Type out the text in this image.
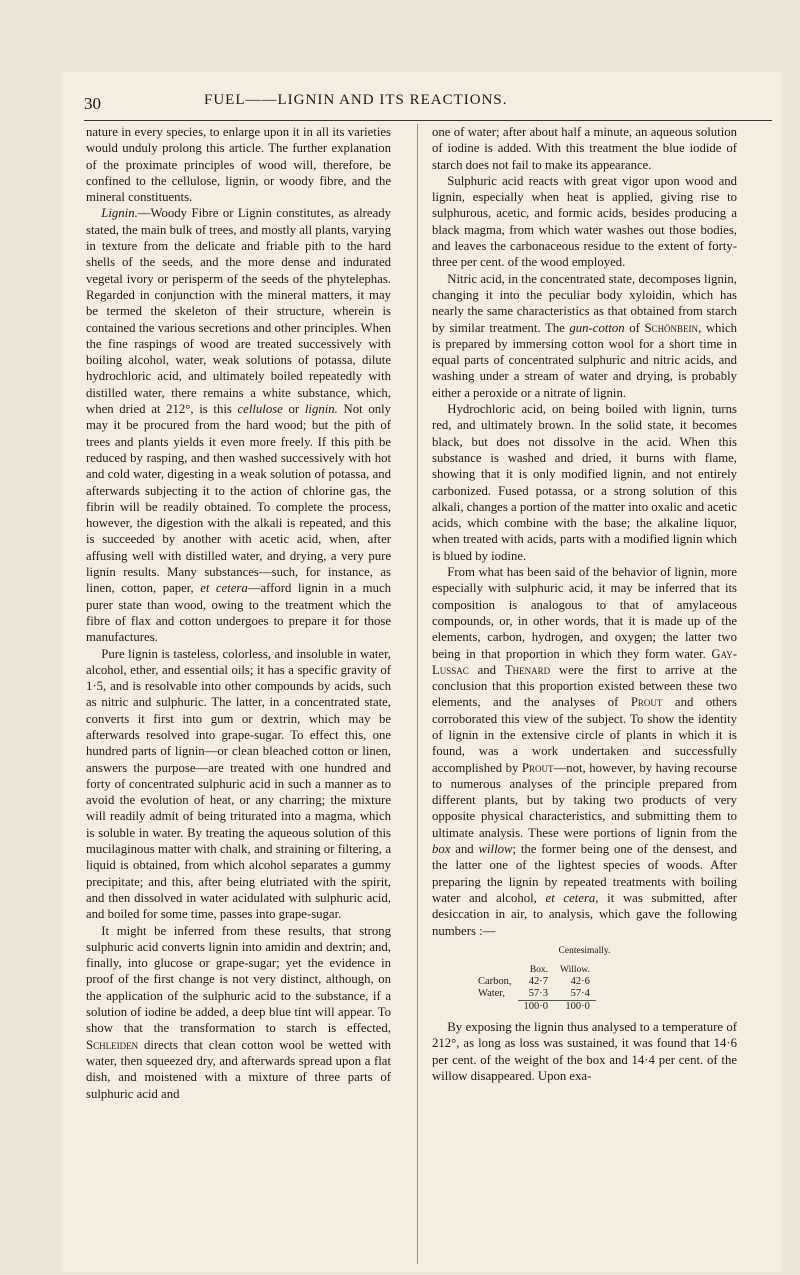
30	FUEL——LIGNIN AND ITS REACTIONS.

nature in every species, to enlarge upon it in all its varieties would unduly prolong this article. The further explanation of the proximate principles of wood will, therefore, be confined to the cellulose, lignin, or woody fibre, and the mineral constituents.

Lignin.—Woody Fibre or Lignin constitutes, as already stated, the main bulk of trees, and mostly all plants, varying in texture from the delicate and friable pith to the hard shells of the seeds, and the more dense and indurated vegetal ivory or perisperm of the seeds of the phytelephas. Regarded in conjunction with the mineral matters, it may be termed the skeleton of their structure, wherein is contained the various secretions and other principles. When the fine raspings of wood are treated successively with boiling alcohol, water, weak solutions of potassa, dilute hydrochloric acid, and ultimately boiled repeatedly with distilled water, there remains a white substance, which, when dried at 212°, is this cellulose or lignin. Not only may it be procured from the hard wood; but the pith of trees and plants yields it even more freely. If this pith be reduced by rasping, and then washed successively with hot and cold water, digesting in a weak solution of potassa, and afterwards subjecting it to the action of chlorine gas, the fibrin will be readily obtained. To complete the process, however, the digestion with the alkali is repeated, and this is succeeded by another with acetic acid, when, after affusing well with distilled water, and drying, a very pure lignin results. Many substances—such, for instance, as linen, cotton, paper, et cetera—afford lignin in a much purer state than wood, owing to the treatment which the fibre of flax and cotton undergoes to prepare it for those manufactures.

Pure lignin is tasteless, colorless, and insoluble in water, alcohol, ether, and essential oils; it has a specific gravity of 1·5, and is resolvable into other compounds by acids, such as nitric and sulphuric. The latter, in a concentrated state, converts it first into gum or dextrin, which may be afterwards resolved into grape-sugar. To effect this, one hundred parts of lignin—or clean bleached cotton or linen, answers the purpose—are treated with one hundred and forty of concentrated sulphuric acid in such a manner as to avoid the evolution of heat, or any charring; the mixture will readily admit of being triturated into a magma, which is soluble in water. By treating the aqueous solution of this mucilaginous matter with chalk, and straining or filtering, a liquid is obtained, from which alcohol separates a gummy precipitate; and this, after being elutriated with the spirit, and then dissolved in water acidulated with sulphuric acid, and boiled for some time, passes into grape-sugar.

It might be inferred from these results, that strong sulphuric acid converts lignin into amidin and dextrin; and, finally, into glucose or grape-sugar; yet the evidence in proof of the first change is not very distinct, although, on the application of the sulphuric acid to the substance, if a solution of iodine be added, a deep blue tint will appear. To show that the transformation to starch is effected, Schleiden directs that clean cotton wool be wetted with water, then squeezed dry, and afterwards spread upon a flat dish, and moistened with a mixture of three parts of sulphuric acid and

one of water; after about half a minute, an aqueous solution of iodine is added. With this treatment the blue iodide of starch does not fail to make its appearance.

Sulphuric acid reacts with great vigor upon wood and lignin, especially when heat is applied, giving rise to sulphurous, acetic, and formic acids, besides producing a black magma, from which water washes out those bodies, and leaves the carbonaceous residue to the extent of forty-three per cent. of the wood employed.

Nitric acid, in the concentrated state, decomposes lignin, changing it into the peculiar body xyloidin, which has nearly the same characteristics as that obtained from starch by similar treatment. The gun-cotton of Schönbein, which is prepared by immersing cotton wool for a short time in equal parts of concentrated sulphuric and nitric acids, and washing under a stream of water and drying, is probably either a peroxide or a nitrate of lignin.

Hydrochloric acid, on being boiled with lignin, turns red, and ultimately brown. In the solid state, it becomes black, but does not dissolve in the acid. When this substance is washed and dried, it burns with flame, showing that it is only modified lignin, and not entirely carbonized. Fused potassa, or a strong solution of this alkali, changes a portion of the matter into oxalic and acetic acids, which combine with the base; the alkaline liquor, when treated with acids, parts with a modified lignin which is blued by iodine.

From what has been said of the behavior of lignin, more especially with sulphuric acid, it may be inferred that its composition is analogous to that of amylaceous compounds, or, in other words, that it is made up of the elements, carbon, hydrogen, and oxygen; the latter two being in that proportion in which they form water. Gay-Lussac and Thenard were the first to arrive at the conclusion that this proportion existed between these two elements, and the analyses of Prout and others corroborated this view of the subject. To show the identity of lignin in the extensive circle of plants in which it is found, was a work undertaken and successfully accomplished by Prout—not, however, by having recourse to numerous analyses of the principle prepared from different plants, but by taking two products of very opposite physical characteristics, and submitting them to ultimate analysis. These were portions of lignin from the box and willow; the former being one of the densest, and the latter one of the lightest species of woods. After preparing the lignin by repeated treatments with boiling water and alcohol, et cetera, it was submitted, after desiccation in air, to analysis, which gave the following numbers :—

Centesimally.
	Box.	Willow.
Carbon,	42·7	42·6
Water,	57·3	57·4
	100·0	100·0

By exposing the lignin thus analysed to a temperature of 212°, as long as loss was sustained, it was found that 14·6 per cent. of the weight of the box and 14·4 per cent. of the willow disappeared. Upon exa-
